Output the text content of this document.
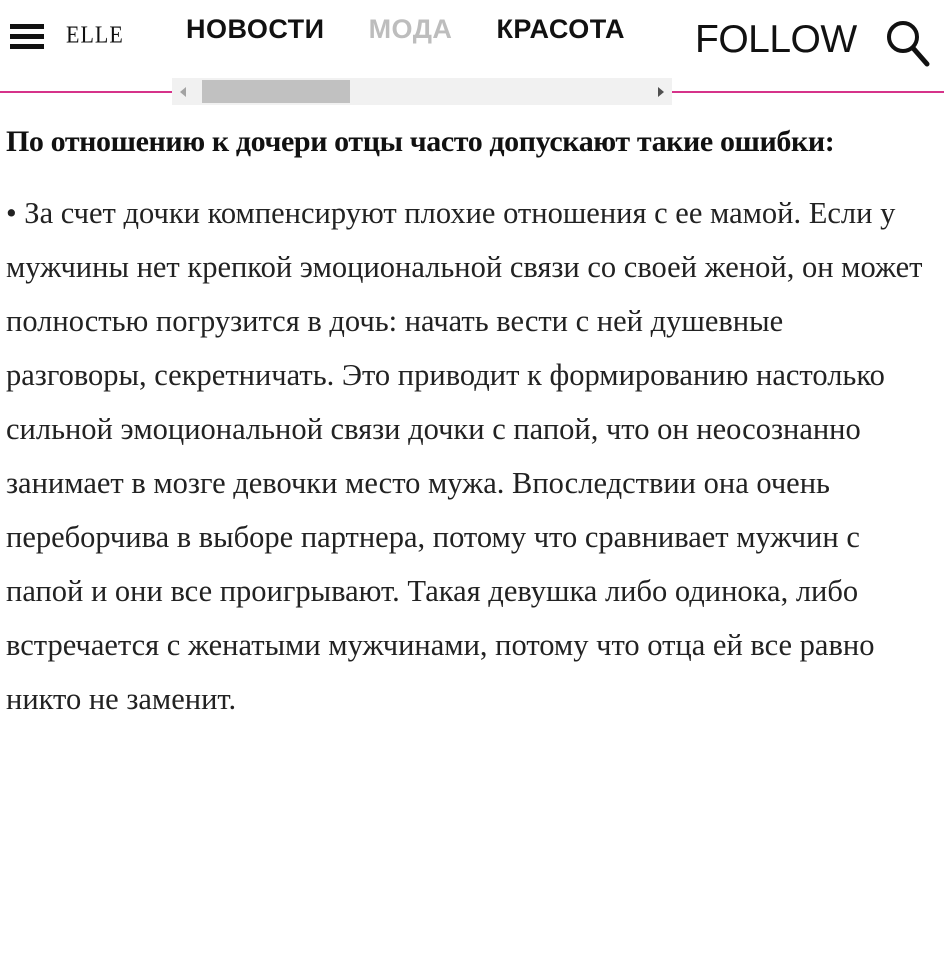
ELLE НОВОСТИ МОДА КРАСОТА	FOLLOW

По отношению к дочери отцы часто допускают такие ошибки:

• За счет дочки компенсируют плохие отношения с ее мамой. Если у мужчины нет крепкой эмоциональной связи со своей женой, он может полностью погрузится в дочь: начать вести с ней душевные разговоры, секретничать. Это приводит к формированию настолько сильной эмоциональной связи дочки с папой, что он неосознанно занимает в мозге девочки место мужа. Впоследствии она очень переборчива в выборе партнера, потому что сравнивает мужчин с папой и они все проигрывают. Такая девушка либо одинока, либо встречается с женатыми мужчинами, потому что отца ей все равно никто не заменит.
